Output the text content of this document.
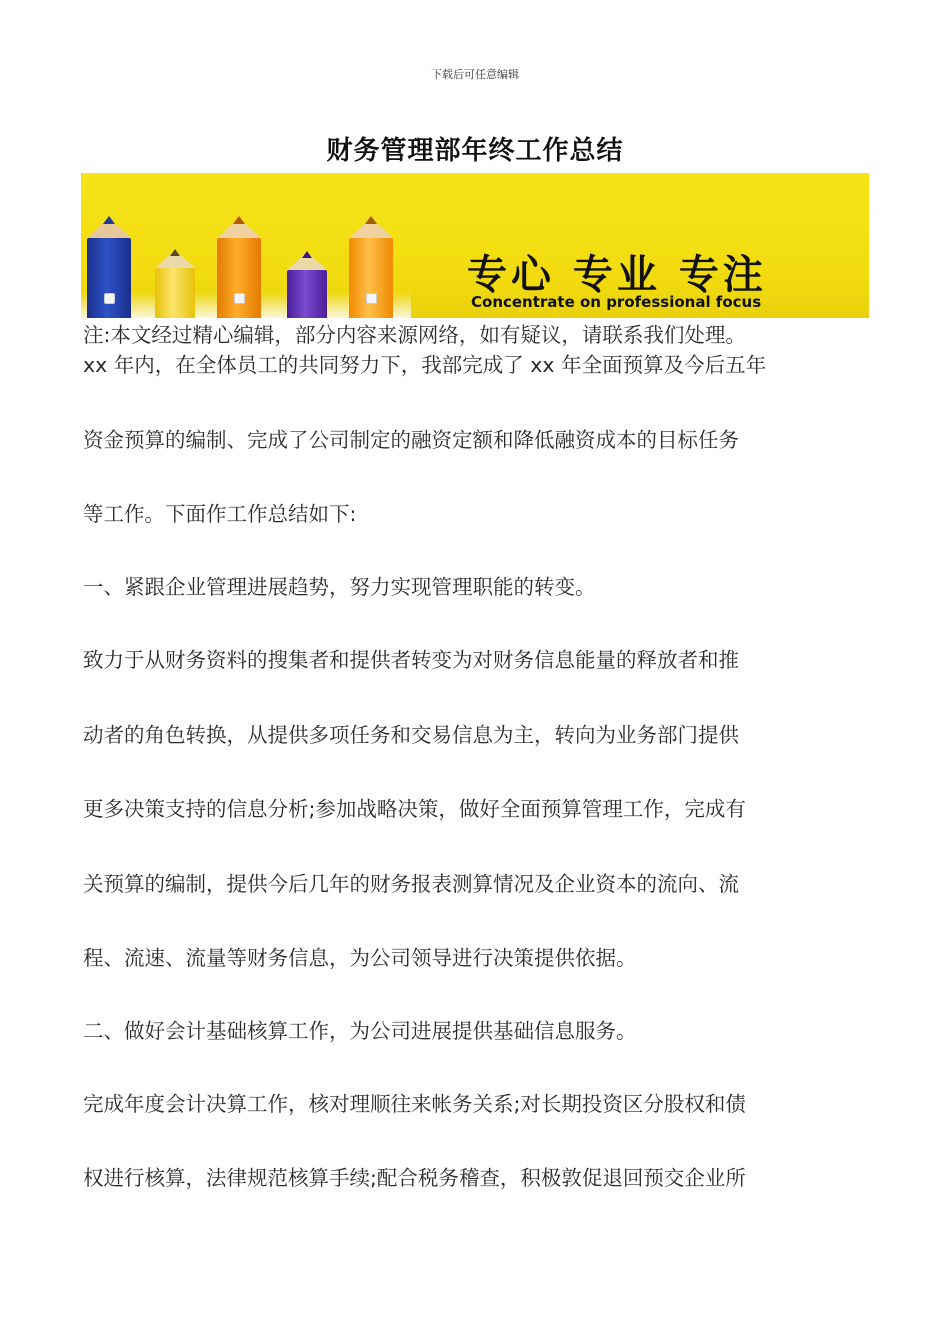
下载后可任意编辑
财务管理部年终工作总结
专心 专业 专注
Concentrate on professional focus
注:本文经过精心编辑，部分内容来源网络，如有疑议，请联系我们处理。
xx 年内，在全体员工的共同努力下，我部完成了 xx 年全面预算及今后五年
资金预算的编制、完成了公司制定的融资定额和降低融资成本的目标任务
等工作。下面作工作总结如下:
一、紧跟企业管理进展趋势，努力实现管理职能的转变。
致力于从财务资料的搜集者和提供者转变为对财务信息能量的释放者和推
动者的角色转换，从提供多项任务和交易信息为主，转向为业务部门提供
更多决策支持的信息分析;参加战略决策，做好全面预算管理工作，完成有
关预算的编制，提供今后几年的财务报表测算情况及企业资本的流向、流
程、流速、流量等财务信息，为公司领导进行决策提供依据。
二、做好会计基础核算工作，为公司进展提供基础信息服务。
完成年度会计决算工作，核对理顺往来帐务关系;对长期投资区分股权和债
权进行核算，法律规范核算手续;配合税务稽查，积极敦促退回预交企业所
